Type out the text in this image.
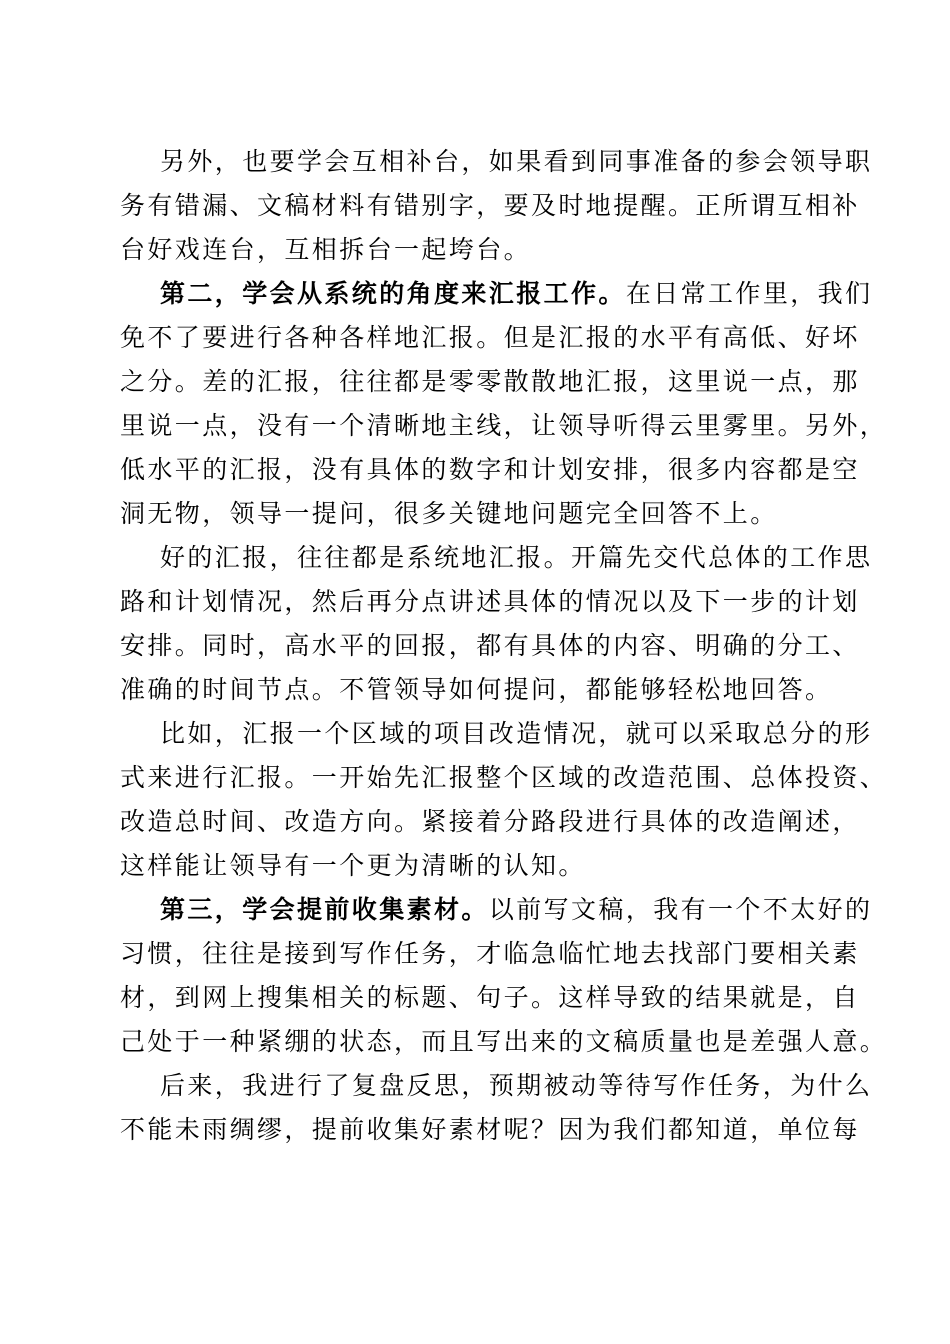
另外，也要学会互相补台，如果看到同事准备的参会领导职
务有错漏、文稿材料有错别字，要及时地提醒。正所谓互相补
台好戏连台，互相拆台一起垮台。
第二，学会从系统的角度来汇报工作。在日常工作里，我们
免不了要进行各种各样地汇报。但是汇报的水平有高低、好坏
之分。差的汇报，往往都是零零散散地汇报，这里说一点，那
里说一点，没有一个清晰地主线，让领导听得云里雾里。另外，
低水平的汇报，没有具体的数字和计划安排，很多内容都是空
洞无物，领导一提问，很多关键地问题完全回答不上。
好的汇报，往往都是系统地汇报。开篇先交代总体的工作思
路和计划情况，然后再分点讲述具体的情况以及下一步的计划
安排。同时，高水平的回报，都有具体的内容、明确的分工、
准确的时间节点。不管领导如何提问，都能够轻松地回答。
比如，汇报一个区域的项目改造情况，就可以采取总分的形
式来进行汇报。一开始先汇报整个区域的改造范围、总体投资、
改造总时间、改造方向。紧接着分路段进行具体的改造阐述，
这样能让领导有一个更为清晰的认知。
第三，学会提前收集素材。以前写文稿，我有一个不太好的
习惯，往往是接到写作任务，才临急临忙地去找部门要相关素
材，到网上搜集相关的标题、句子。这样导致的结果就是，自
己处于一种紧绷的状态，而且写出来的文稿质量也是差强人意。
后来，我进行了复盘反思，预期被动等待写作任务，为什么
不能未雨绸缪，提前收集好素材呢？因为我们都知道，单位每
